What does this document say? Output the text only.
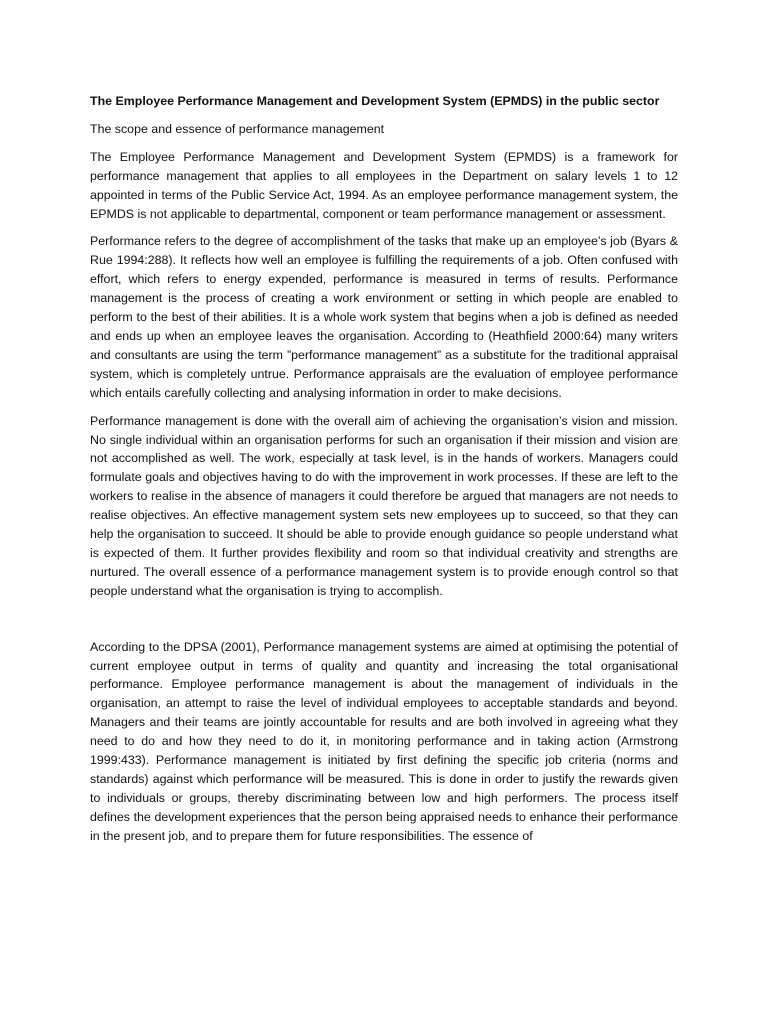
The Employee Performance Management and Development System (EPMDS) in the public sector
The scope and essence of performance management

The Employee Performance Management and Development System (EPMDS) is a framework for performance management that applies to all employees in the Department on salary levels 1 to 12 appointed in terms of the Public Service Act, 1994. As an employee performance management system, the EPMDS is not applicable to departmental, component or team performance management or assessment.

Performance refers to the degree of accomplishment of the tasks that make up an employee’s job (Byars & Rue 1994:288). It reflects how well an employee is fulfilling the requirements of a job. Often confused with effort, which refers to energy expended, performance is measured in terms of results. Performance management is the process of creating a work environment or setting in which people are enabled to perform to the best of their abilities. It is a whole work system that begins when a job is defined as needed and ends up when an employee leaves the organisation. According to (Heathfield 2000:64) many writers and consultants are using the term ”performance management” as a substitute for the traditional appraisal system, which is completely untrue. Performance appraisals are the evaluation of employee performance which entails carefully collecting and analysing information in order to make decisions.

Performance management is done with the overall aim of achieving the organisation’s vision and mission. No single individual within an organisation performs for such an organisation if their mission and vision are not accomplished as well. The work, especially at task level, is in the hands of workers. Managers could formulate goals and objectives having to do with the improvement in work processes. If these are left to the workers to realise in the absence of managers it could therefore be argued that managers are not needs to realise objectives. An effective management system sets new employees up to succeed, so that they can help the organisation to succeed. It should be able to provide enough guidance so people understand what is expected of them. It further provides flexibility and room so that individual creativity and strengths are nurtured. The overall essence of a performance management system is to provide enough control so that people understand what the organisation is trying to accomplish.

According to the DPSA (2001), Performance management systems are aimed at optimising the potential of current employee output in terms of quality and quantity and increasing the total organisational performance. Employee performance management is about the management of individuals in the organisation, an attempt to raise the level of individual employees to acceptable standards and beyond. Managers and their teams are jointly accountable for results and are both involved in agreeing what they need to do and how they need to do it, in monitoring performance and in taking action (Armstrong 1999:433). Performance management is initiated by first defining the specific job criteria (norms and standards) against which performance will be measured. This is done in order to justify the rewards given to individuals or groups, thereby discriminating between low and high performers. The process itself defines the development experiences that the person being appraised needs to enhance their performance in the present job, and to prepare them for future responsibilities. The essence of
